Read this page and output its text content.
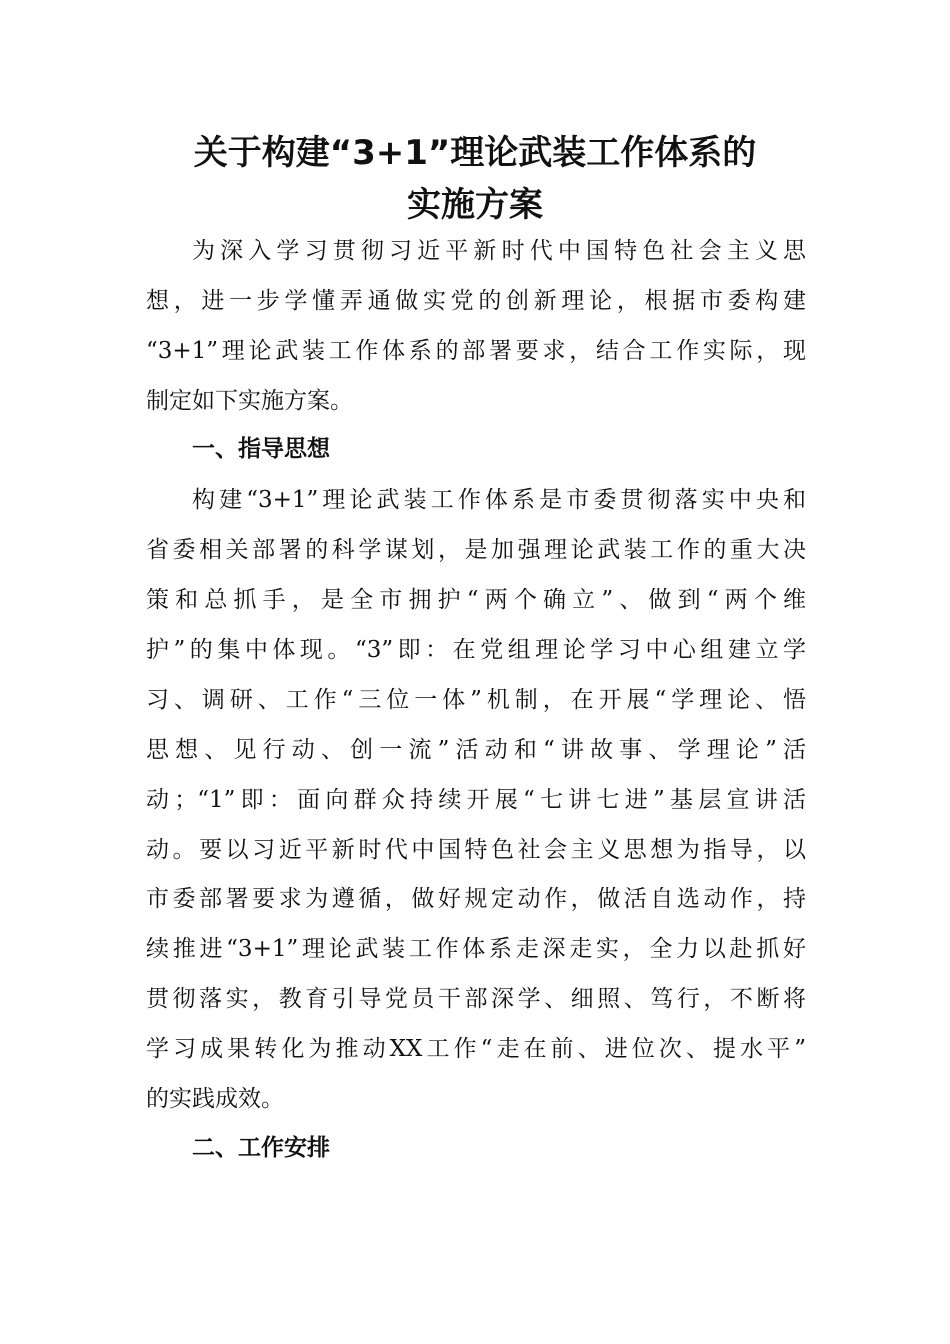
关于构建“3+1”理论武装工作体系的
实施方案
为深入学习贯彻习近平新时代中国特色社会主义思
想，进一步学懂弄通做实党的创新理论，根据市委构建
“3+1”理论武装工作体系的部署要求，结合工作实际，现
制定如下实施方案。
一、指导思想
构建“3+1”理论武装工作体系是市委贯彻落实中央和
省委相关部署的科学谋划，是加强理论武装工作的重大决
策和总抓手，是全市拥护“两个确立”、做到“两个维
护”的集中体现。“3”即：在党组理论学习中心组建立学
习、调研、工作“三位一体”机制，在开展“学理论、悟
思想、见行动、创一流”活动和“讲故事、学理论”活
动；“1”即：面向群众持续开展“七讲七进”基层宣讲活
动。要以习近平新时代中国特色社会主义思想为指导，以
市委部署要求为遵循，做好规定动作，做活自选动作，持
续推进“3+1”理论武装工作体系走深走实，全力以赴抓好
贯彻落实，教育引导党员干部深学、细照、笃行，不断将
学习成果转化为推动XX工作“走在前、进位次、提水平”
的实践成效。
二、工作安排
